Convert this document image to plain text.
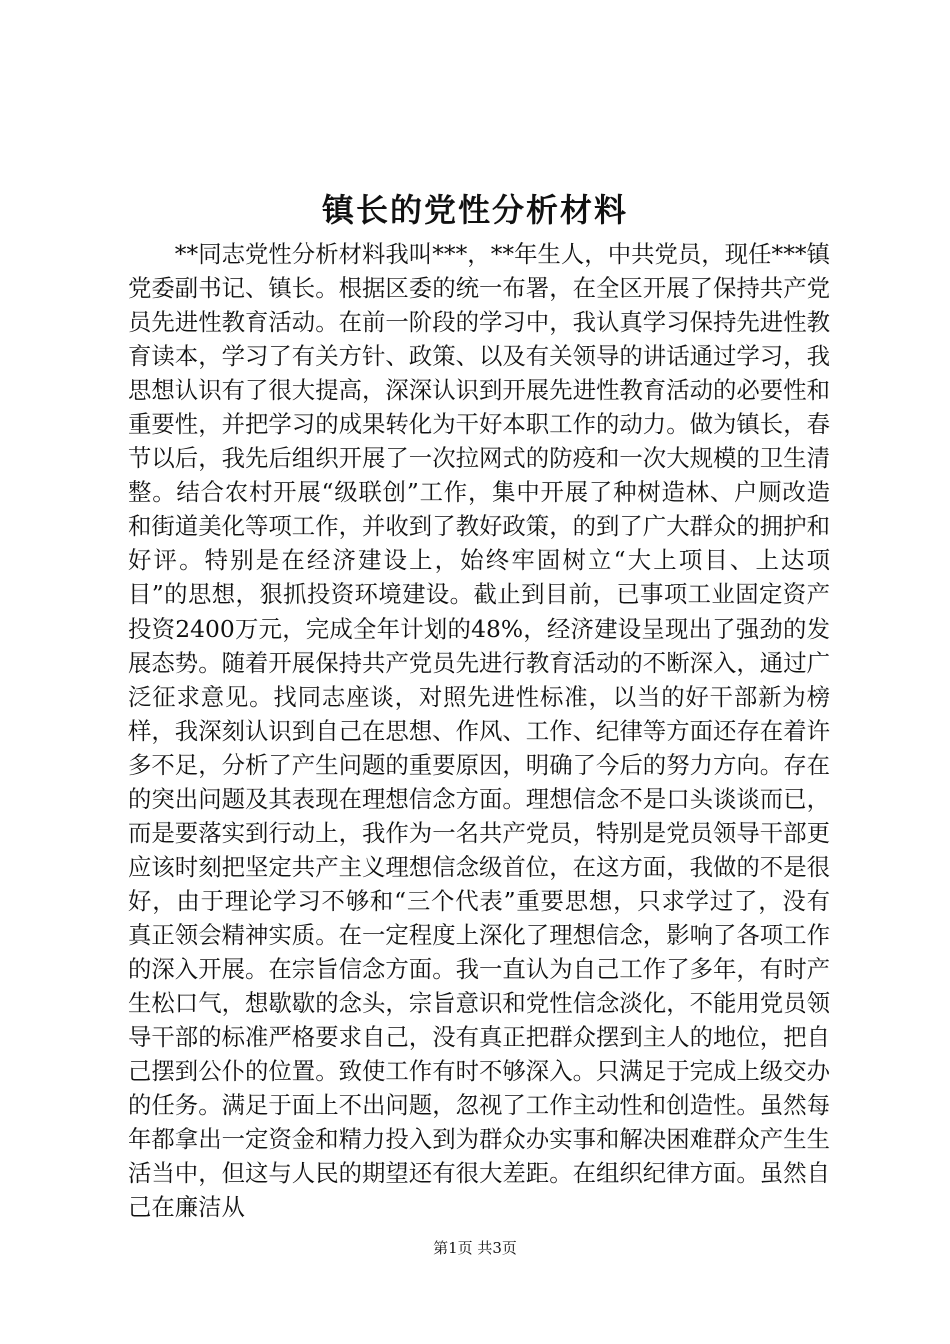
镇长的党性分析材料

**同志党性分析材料我叫***，**年生人，中共党员，现任***镇党委副书记、镇长。根据区委的统一布署，在全区开展了保持共产党员先进性教育活动。在前一阶段的学习中，我认真学习保持先进性教育读本，学习了有关方针、政策、以及有关领导的讲话通过学习，我思想认识有了很大提高，深深认识到开展先进性教育活动的必要性和重要性，并把学习的成果转化为干好本职工作的动力。做为镇长，春节以后，我先后组织开展了一次拉网式的防疫和一次大规模的卫生清整。结合农村开展“级联创”工作，集中开展了种树造林、户厕改造和街道美化等项工作，并收到了教好政策，的到了广大群众的拥护和好评。特别是在经济建设上，始终牢固树立“大上项目、上达项目”的思想，狠抓投资环境建设。截止到目前，已事项工业固定资产投资2400万元，完成全年计划的48%，经济建设呈现出了强劲的发展态势。随着开展保持共产党员先进行教育活动的不断深入，通过广泛征求意见。找同志座谈，对照先进性标准，以当的好干部新为榜样，我深刻认识到自己在思想、作风、工作、纪律等方面还存在着许多不足，分析了产生问题的重要原因，明确了今后的努力方向。存在的突出问题及其表现在理想信念方面。理想信念不是口头谈谈而已，而是要落实到行动上，我作为一名共产党员，特别是党员领导干部更应该时刻把坚定共产主义理想信念级首位，在这方面，我做的不是很好，由于理论学习不够和“三个代表”重要思想，只求学过了，没有真正领会精神实质。在一定程度上深化了理想信念，影响了各项工作的深入开展。在宗旨信念方面。我一直认为自己工作了多年，有时产生松口气，想歇歇的念头，宗旨意识和党性信念淡化，不能用党员领导干部的标准严格要求自己，没有真正把群众摆到主人的地位，把自己摆到公仆的位置。致使工作有时不够深入。只满足于完成上级交办的任务。满足于面上不出问题，忽视了工作主动性和创造性。虽然每年都拿出一定资金和精力投入到为群众办实事和解决困难群众产生生活当中，但这与人民的期望还有很大差距。在组织纪律方面。虽然自己在廉洁从

第1页 共3页
